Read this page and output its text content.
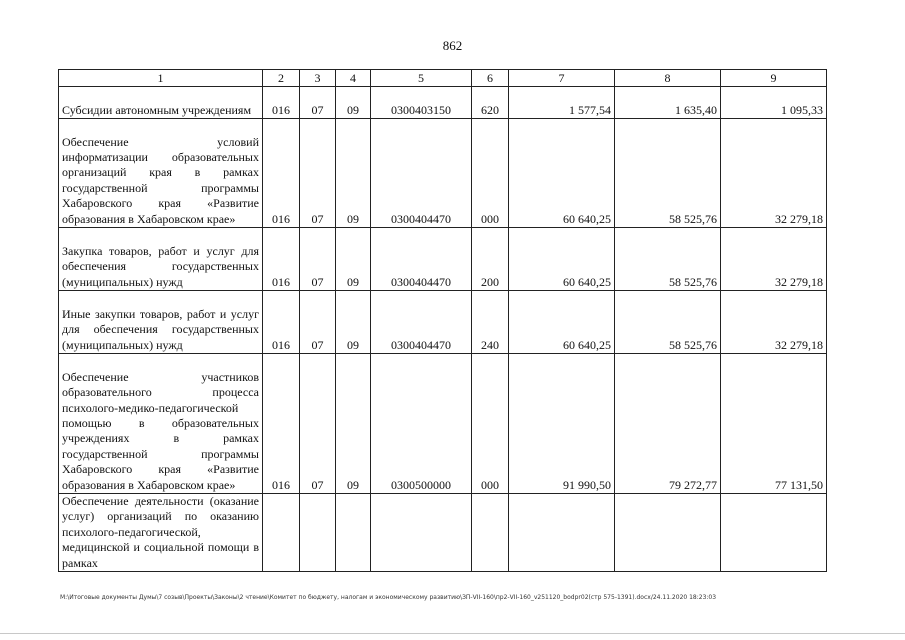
862
1	2	3	4	5	6	7	8	9
Субсидии автономным учреждениям	016	07	09	0300403150	620	1 577,54	1 635,40	1 095,33
Обеспечение условий информатизации образовательных организаций края в рамках государственной программы Хабаровского края «Развитие образования в Хабаровском крае»	016	07	09	0300404470	000	60 640,25	58 525,76	32 279,18
Закупка товаров, работ и услуг для обеспечения государственных (муниципальных) нужд	016	07	09	0300404470	200	60 640,25	58 525,76	32 279,18
Иные закупки товаров, работ и услуг для обеспечения государственных (муниципальных) нужд	016	07	09	0300404470	240	60 640,25	58 525,76	32 279,18
Обеспечение участников образовательного процесса психолого-медико-педагогической помощью в образовательных учреждениях в рамках государственной программы Хабаровского края «Развитие образования в Хабаровском крае»	016	07	09	0300500000	000	91 990,50	79 272,77	77 131,50
Обеспечение деятельности (оказание услуг) организаций по оказанию психолого-педагогической, медицинской и социальной помощи в рамках								
M:\Итоговые документы Думы\7 созыв\Проекты\Законы\2 чтение\Комитет по бюджету, налогам и экономическому развитию\ЗП-VII-160\пр2-VII-160_v251120_bodpr02(стр 575-1391).docx/24.11.2020 18:23:03
